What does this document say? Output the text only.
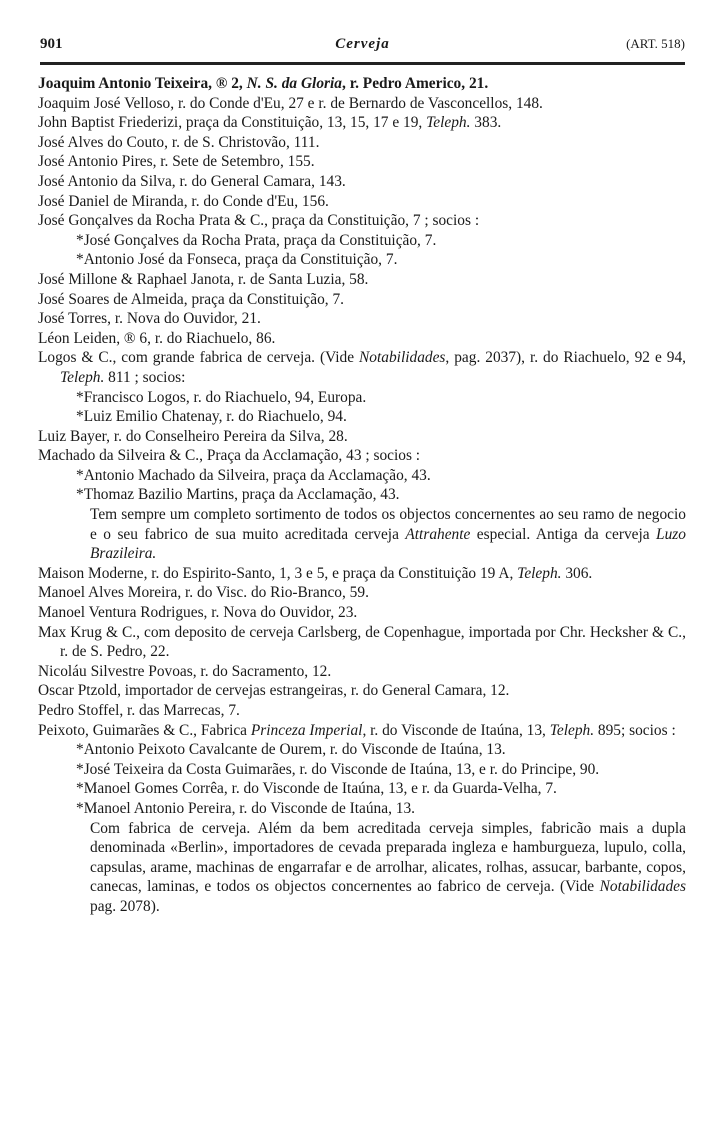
901	Cerveja	(ART. 518)

Joaquim Antonio Teixeira, ® 2, N. S. da Gloria, r. Pedro Americo, 21.

Joaquim José Velloso, r. do Conde d'Eu, 27 e r. de Bernardo de Vasconcellos, 148.

John Baptist Friederizi, praça da Constituição, 13, 15, 17 e 19, Teleph. 383.

José Alves do Couto, r. de S. Christovão, 111.

José Antonio Pires, r. Sete de Setembro, 155.

José Antonio da Silva, r. do General Camara, 143.

José Daniel de Miranda, r. do Conde d'Eu, 156.

José Gonçalves da Rocha Prata & C., praça da Constituição, 7 ; socios :

*José Gonçalves da Rocha Prata, praça da Constituição, 7.

*Antonio José da Fonseca, praça da Constituição, 7.

José Millone & Raphael Janota, r. de Santa Luzia, 58.

José Soares de Almeida, praça da Constituição, 7.

José Torres, r. Nova do Ouvidor, 21.

Léon Leiden, ® 6, r. do Riachuelo, 86.

Logos & C., com grande fabrica de cerveja. (Vide Notabilidades, pag. 2037), r. do Riachuelo, 92 e 94, Teleph. 811 ; socios:

*Francisco Logos, r. do Riachuelo, 94, Europa.

*Luiz Emilio Chatenay, r. do Riachuelo, 94.

Luiz Bayer, r. do Conselheiro Pereira da Silva, 28.

Machado da Silveira & C., Praça da Acclamação, 43 ; socios :

*Antonio Machado da Silveira, praça da Acclamação, 43.

*Thomaz Bazilio Martins, praça da Acclamação, 43.

Tem sempre um completo sortimento de todos os objectos concernentes ao seu ramo de negocio e o seu fabrico de sua muito acreditada cerveja Attrahente especial. Antiga da cerveja Luzo Brazileira.

Maison Moderne, r. do Espirito-Santo, 1, 3 e 5, e praça da Constituição 19 A, Teleph. 306.

Manoel Alves Moreira, r. do Visc. do Rio-Branco, 59.

Manoel Ventura Rodrigues, r. Nova do Ouvidor, 23.

Max Krug & C., com deposito de cerveja Carlsberg, de Copenhague, importada por Chr. Hecksher & C., r. de S. Pedro, 22.

Nicoláu Silvestre Povoas, r. do Sacramento, 12.

Oscar Ptzold, importador de cervejas estrangeiras, r. do General Camara, 12.

Pedro Stoffel, r. das Marrecas, 7.

Peixoto, Guimarães & C., Fabrica Princeza Imperial, r. do Visconde de Itaúna, 13, Teleph. 895; socios :

*Antonio Peixoto Cavalcante de Ourem, r. do Visconde de Itaúna, 13.

*José Teixeira da Costa Guimarães, r. do Visconde de Itaúna, 13, e r. do Principe, 90.

*Manoel Gomes Corrêa, r. do Visconde de Itaúna, 13, e r. da Guarda-Velha, 7.

*Manoel Antonio Pereira, r. do Visconde de Itaúna, 13.

Com fabrica de cerveja. Além da bem acreditada cerveja simples, fabricão mais a dupla denominada «Berlin», importadores de cevada preparada ingleza e hamburgueza, lupulo, colla, capsulas, arame, machinas de engarrafar e de arrolhar, alicates, rolhas, assucar, barbante, copos, canecas, laminas, e todos os objectos concernentes ao fabrico de cerveja. (Vide Notabilidades pag. 2078).
